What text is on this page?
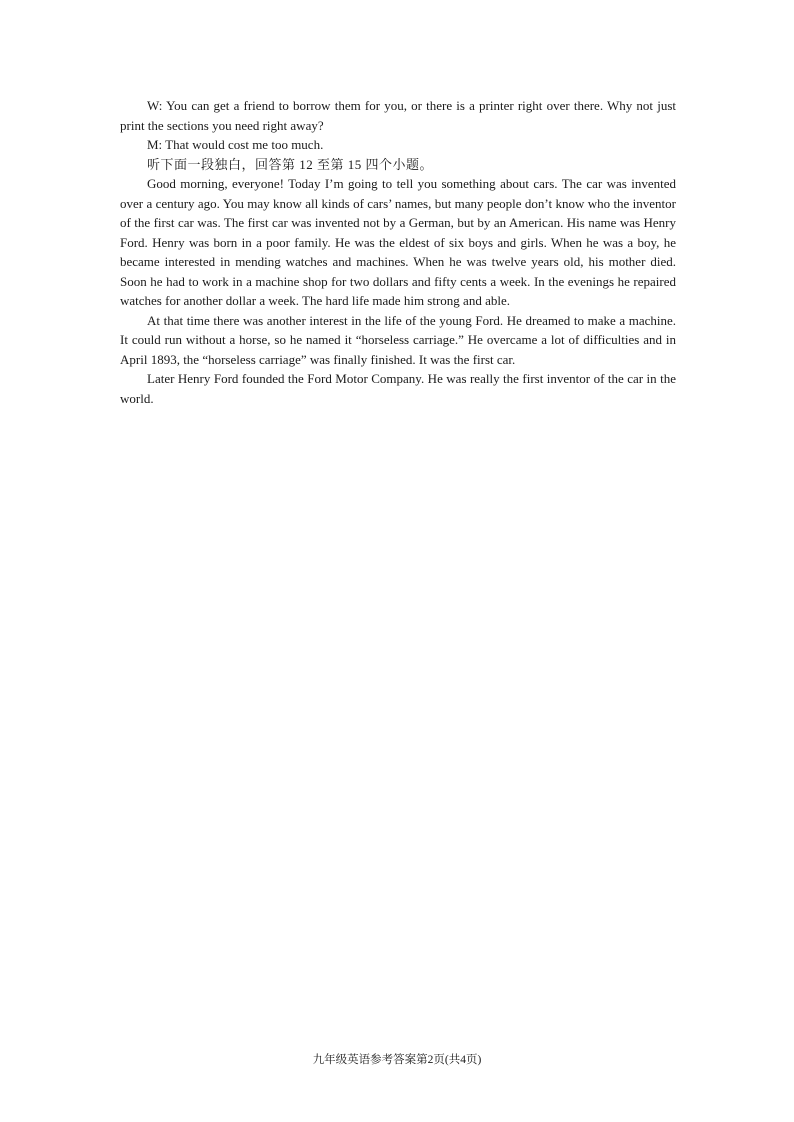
W: You can get a friend to borrow them for you, or there is a printer right over there. Why not just print the sections you need right away?

M: That would cost me too much.

听下面一段独白，回答第 12 至第 15 四个小题。

Good morning, everyone! Today I’m going to tell you something about cars. The car was invented over a century ago. You may know all kinds of cars’ names, but many people don’t know who the inventor of the first car was. The first car was invented not by a German, but by an American. His name was Henry Ford. Henry was born in a poor family. He was the eldest of six boys and girls. When he was a boy, he became interested in mending watches and machines. When he was twelve years old, his mother died. Soon he had to work in a machine shop for two dollars and fifty cents a week. In the evenings he repaired watches for another dollar a week. The hard life made him strong and able.

At that time there was another interest in the life of the young Ford. He dreamed to make a machine. It could run without a horse, so he named it “horseless carriage.” He overcame a lot of difficulties and in April 1893, the “horseless carriage” was finally finished. It was the first car.

Later Henry Ford founded the Ford Motor Company. He was really the first inventor of the car in the world.

九年级英语参考答案第2页(共4页)
